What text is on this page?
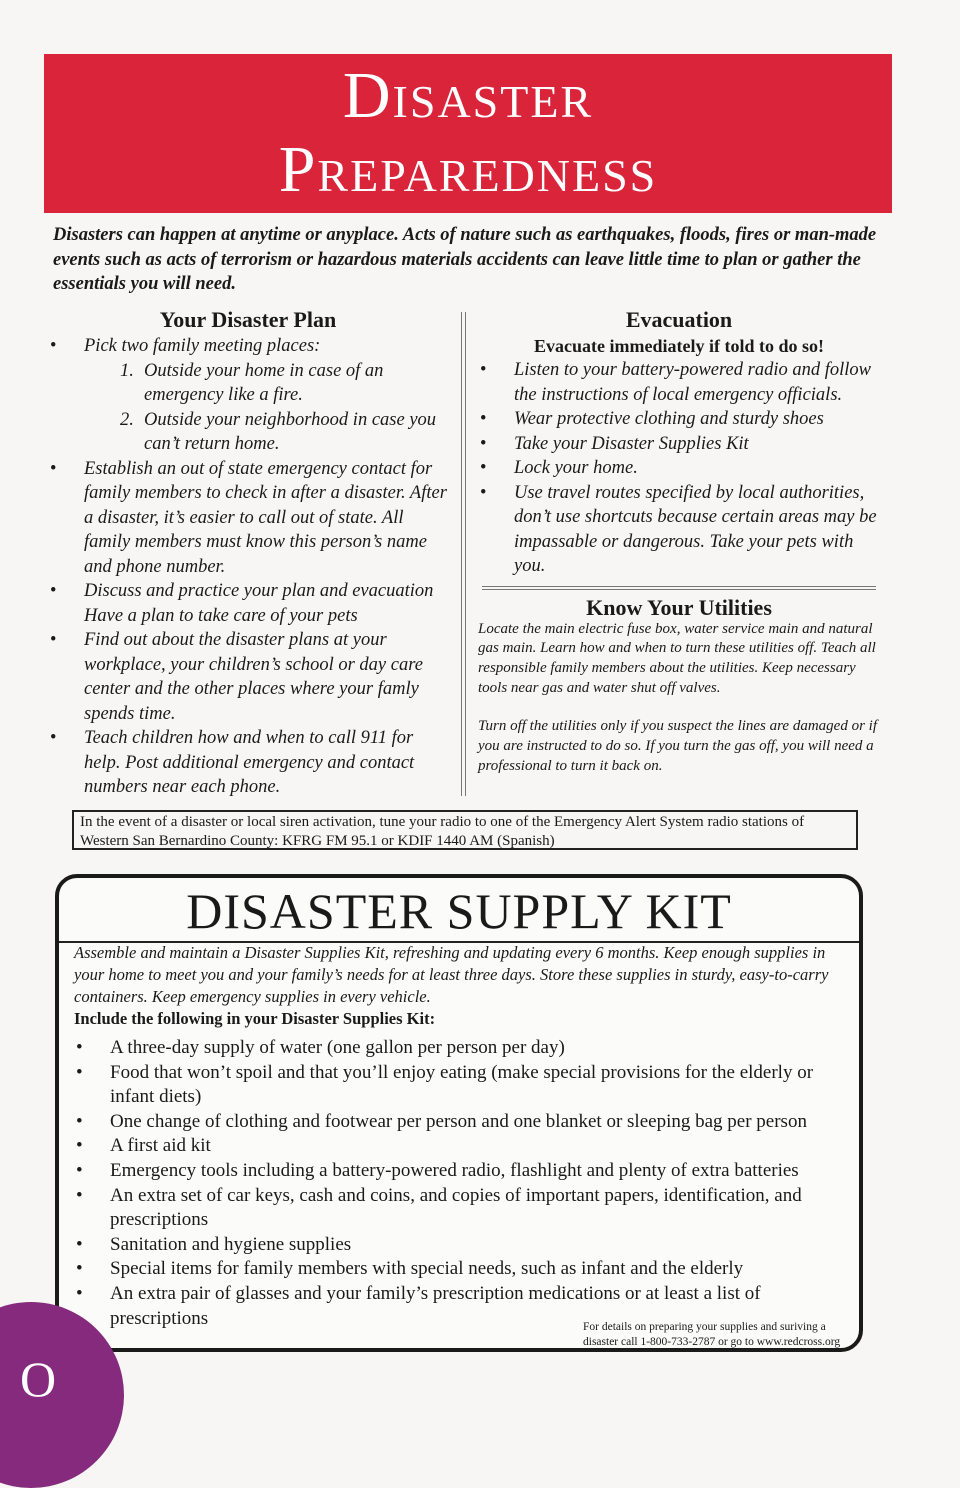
Disaster
Preparedness
Disasters can happen at anytime or anyplace. Acts of nature such as earthquakes, floods, fires or man-made events such as acts of terrorism or hazardous materials accidents can leave little time to plan or gather the essentials you will need.
Your Disaster Plan
• Pick two family meeting places:
1. Outside your home in case of an emergency like a fire.
2. Outside your neighborhood in case you can’t return home.
• Establish an out of state emergency contact for family members to check in after a disaster. After a disaster, it’s easier to call out of state. All family members must know this person’s name and phone number.
• Discuss and practice your plan and evacuation Have a plan to take care of your pets
• Find out about the disaster plans at your workplace, your children’s school or day care center and the other places where your famly spends time.
• Teach children how and when to call 911 for help. Post additional emergency and contact numbers near each phone.
Evacuation
Evacuate immediately if told to do so!
• Listen to your battery-powered radio and follow the instructions of local emergency officials.
• Wear protective clothing and sturdy shoes
• Take your Disaster Supplies Kit
• Lock your home.
• Use travel routes specified by local authorities, don’t use shortcuts because certain areas may be impassable or dangerous. Take your pets with you.
Know Your Utilities

Locate the main electric fuse box, water service main and natural gas main. Learn how and when to turn these utilities off. Teach all responsible family members about the utilities. Keep necessary tools near gas and water shut off valves.

Turn off the utilities only if you suspect the lines are damaged or if you are instructed to do so. If you turn the gas off, you will need a professional to turn it back on.

In the event of a disaster or local siren activation, tune your radio to one of the Emergency Alert System radio stations of Western San Bernardino County: KFRG FM 95.1 or KDIF 1440 AM (Spanish)
DISASTER SUPPLY KIT
Assemble and maintain a Disaster Supplies Kit, refreshing and updating every 6 months. Keep enough supplies in your home to meet you and your family’s needs for at least three days. Store these supplies in sturdy, easy-to-carry containers. Keep emergency supplies in every vehicle.
Include the following in your Disaster Supplies Kit:
• A three-day supply of water (one gallon per person per day)
• Food that won’t spoil and that you’ll enjoy eating (make special provisions for the elderly or infant diets)
• One change of clothing and footwear per person and one blanket or sleeping bag per person
• A first aid kit
• Emergency tools including a battery-powered radio, flashlight and plenty of extra batteries
• An extra set of car keys, cash and coins, and copies of important papers, identification, and prescriptions
• Sanitation and hygiene supplies
• Special items for family members with special needs, such as infant and the elderly
• An extra pair of glasses and your family’s prescription medications or at least a list of prescriptions	For details on preparing your supplies and suriving a disaster call 1-800-733-2787 or go to www.redcross.org
O
